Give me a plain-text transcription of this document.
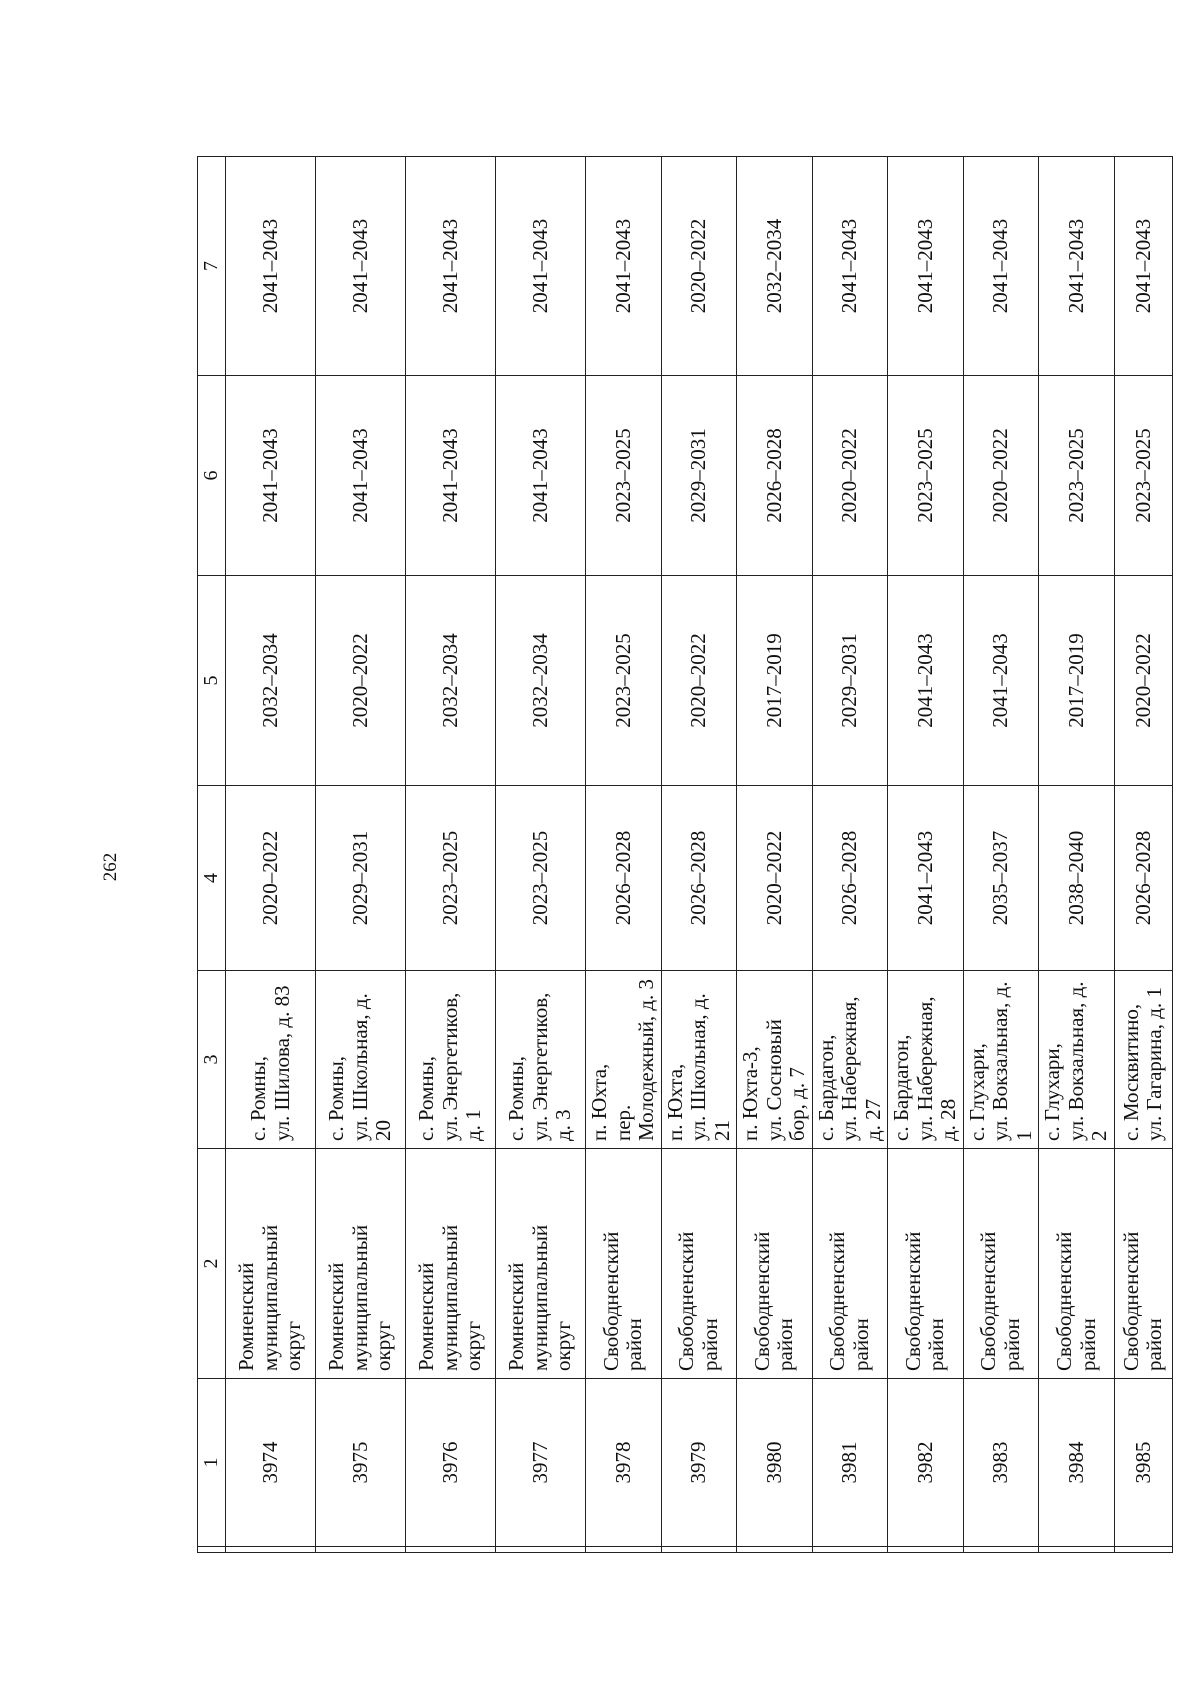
262
	1	2	3	4	5	6	7
	3974	Ромненский муниципальный округ	с. Ромны, ул. Шилова, д. 83	2020–2022	2032–2034	2041–2043	2041–2043
	3975	Ромненский муниципальный округ	с. Ромны, ул. Школьная, д. 20	2029–2031	2020–2022	2041–2043	2041–2043
	3976	Ромненский муниципальный округ	с. Ромны, ул. Энергетиков, д. 1	2023–2025	2032–2034	2041–2043	2041–2043
	3977	Ромненский муниципальный округ	с. Ромны, ул. Энергетиков, д. 3	2023–2025	2032–2034	2041–2043	2041–2043
	3978	Свободненский район	п. Юхта, пер. Молодежный, д. 3	2026–2028	2023–2025	2023–2025	2041–2043
	3979	Свободненский район	п. Юхта, ул. Школьная, д. 21	2026–2028	2020–2022	2029–2031	2020–2022
	3980	Свободненский район	п. Юхта-3, ул. Сосновый бор, д. 7	2020–2022	2017–2019	2026–2028	2032–2034
	3981	Свободненский район	с. Бардагон, ул. Набережная, д. 27	2026–2028	2029–2031	2020–2022	2041–2043
	3982	Свободненский район	с. Бардагон, ул. Набережная, д. 28	2041–2043	2041–2043	2023–2025	2041–2043
	3983	Свободненский район	с. Глухари, ул. Вокзальная, д. 1	2035–2037	2041–2043	2020–2022	2041–2043
	3984	Свободненский район	с. Глухари, ул. Вокзальная, д. 2	2038–2040	2017–2019	2023–2025	2041–2043
	3985	Свободненский район	с. Москвитино, ул. Гагарина, д. 1	2026–2028	2020–2022	2023–2025	2041–2043
